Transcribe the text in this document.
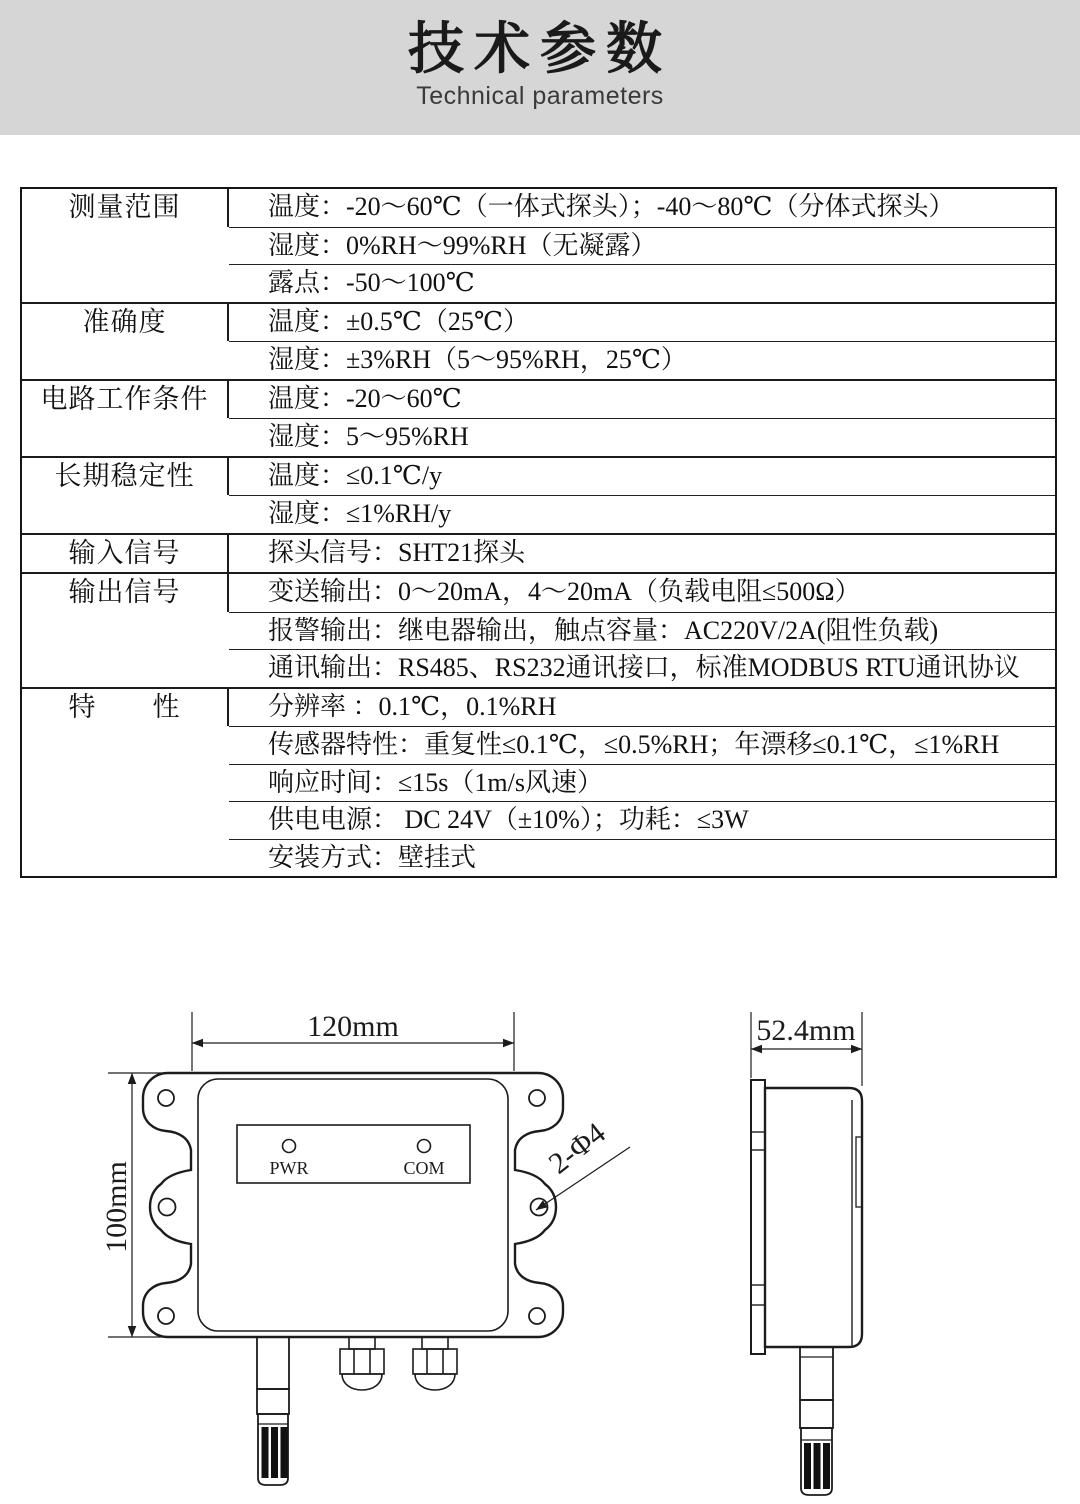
技术参数
Technical parameters
测量范围	温度：-20～60℃（一体式探头）；-40～80℃（分体式探头）
湿度：0%RH～99%RH（无凝露）
露点：-50～100℃
准确度	温度：±0.5℃（25℃）
湿度：±3%RH（5～95%RH，25℃）
电路工作条件	温度：-20～60℃
湿度：5～95%RH
长期稳定性	温度：≤0.1℃/y
湿度：≤1%RH/y
输入信号	探头信号：SHT21探头
输出信号	变送输出：0～20mA，4～20mA（负载电阻≤500Ω）
报警输出：继电器输出，触点容量：AC220V/2A(阻性负载)
通讯输出：RS485、RS232通讯接口，标准MODBUS RTU通讯协议
特　　性	分辨率 ：0.1℃，0.1%RH
传感器特性：重复性≤0.1℃，≤0.5%RH；年漂移≤0.1℃，≤1%RH
响应时间：≤15s（1m/s风速）
供电电源： DC 24V（±10%）；功耗：≤3W
安装方式：壁挂式
120mm
100mm	PWR	COM	2-Φ4
52.4mm
